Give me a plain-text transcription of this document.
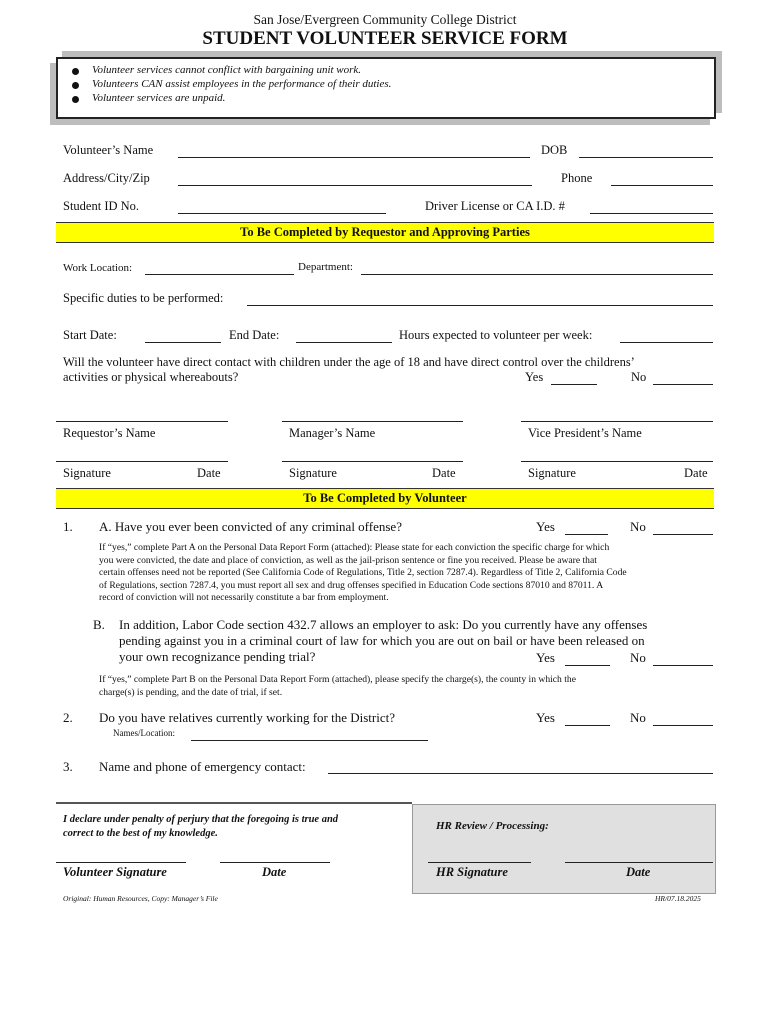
San Jose/Evergreen Community College District
STUDENT VOLUNTEER SERVICE FORM
Volunteer services cannot conflict with bargaining unit work.
Volunteers CAN assist employees in the performance of their duties.
Volunteer services are unpaid.
Volunteer’s Name	DOB
Address/City/Zip	Phone
Student ID No.	Driver License or CA I.D. #
To Be Completed by Requestor and Approving Parties
Work Location:	Department:
Specific duties to be performed:
Start Date:	End Date:	Hours expected to volunteer per week:
Will the volunteer have direct contact with children under the age of 18 and have direct control over the childrens’
activities or physical whereabouts?	Yes	No
Requestor’s Name	Manager’s Name	Vice President’s Name
Signature	Date	Signature	Date	Signature	Date
To Be Completed by Volunteer
1. A. Have you ever been convicted of any criminal offense?	Yes	No
If “yes,” complete Part A on the Personal Data Report Form (attached): Please state for each conviction the specific charge for which
you were convicted, the date and place of conviction, as well as the jail-prison sentence or fine you received. Please be aware that
certain offenses need not be reported (See California Code of Regulations, Title 2, section 7287.4). Regardless of Title 2, California Code
of Regulations, section 7287.4, you must report all sex and drug offenses specified in Education Code sections 87010 and 87011. A
record of conviction will not necessarily constitute a bar from employment.
B. In addition, Labor Code section 432.7 allows an employer to ask: Do you currently have any offenses
pending against you in a criminal court of law for which you are out on bail or have been released on
your own recognizance pending trial?	Yes	No
If “yes,” complete Part B on the Personal Data Report Form (attached), please specify the charge(s), the county in which the
charge(s) is pending, and the date of trial, if set.
2. Do you have relatives currently working for the District?	Yes	No
Names/Location:
3. Name and phone of emergency contact:
I declare under penalty of perjury that the foregoing is true and
correct to the best of my knowledge.
HR Review / Processing:
Volunteer Signature	Date	HR Signature	Date
Original: Human Resources, Copy: Manager’s File	HR/07.18.2025
